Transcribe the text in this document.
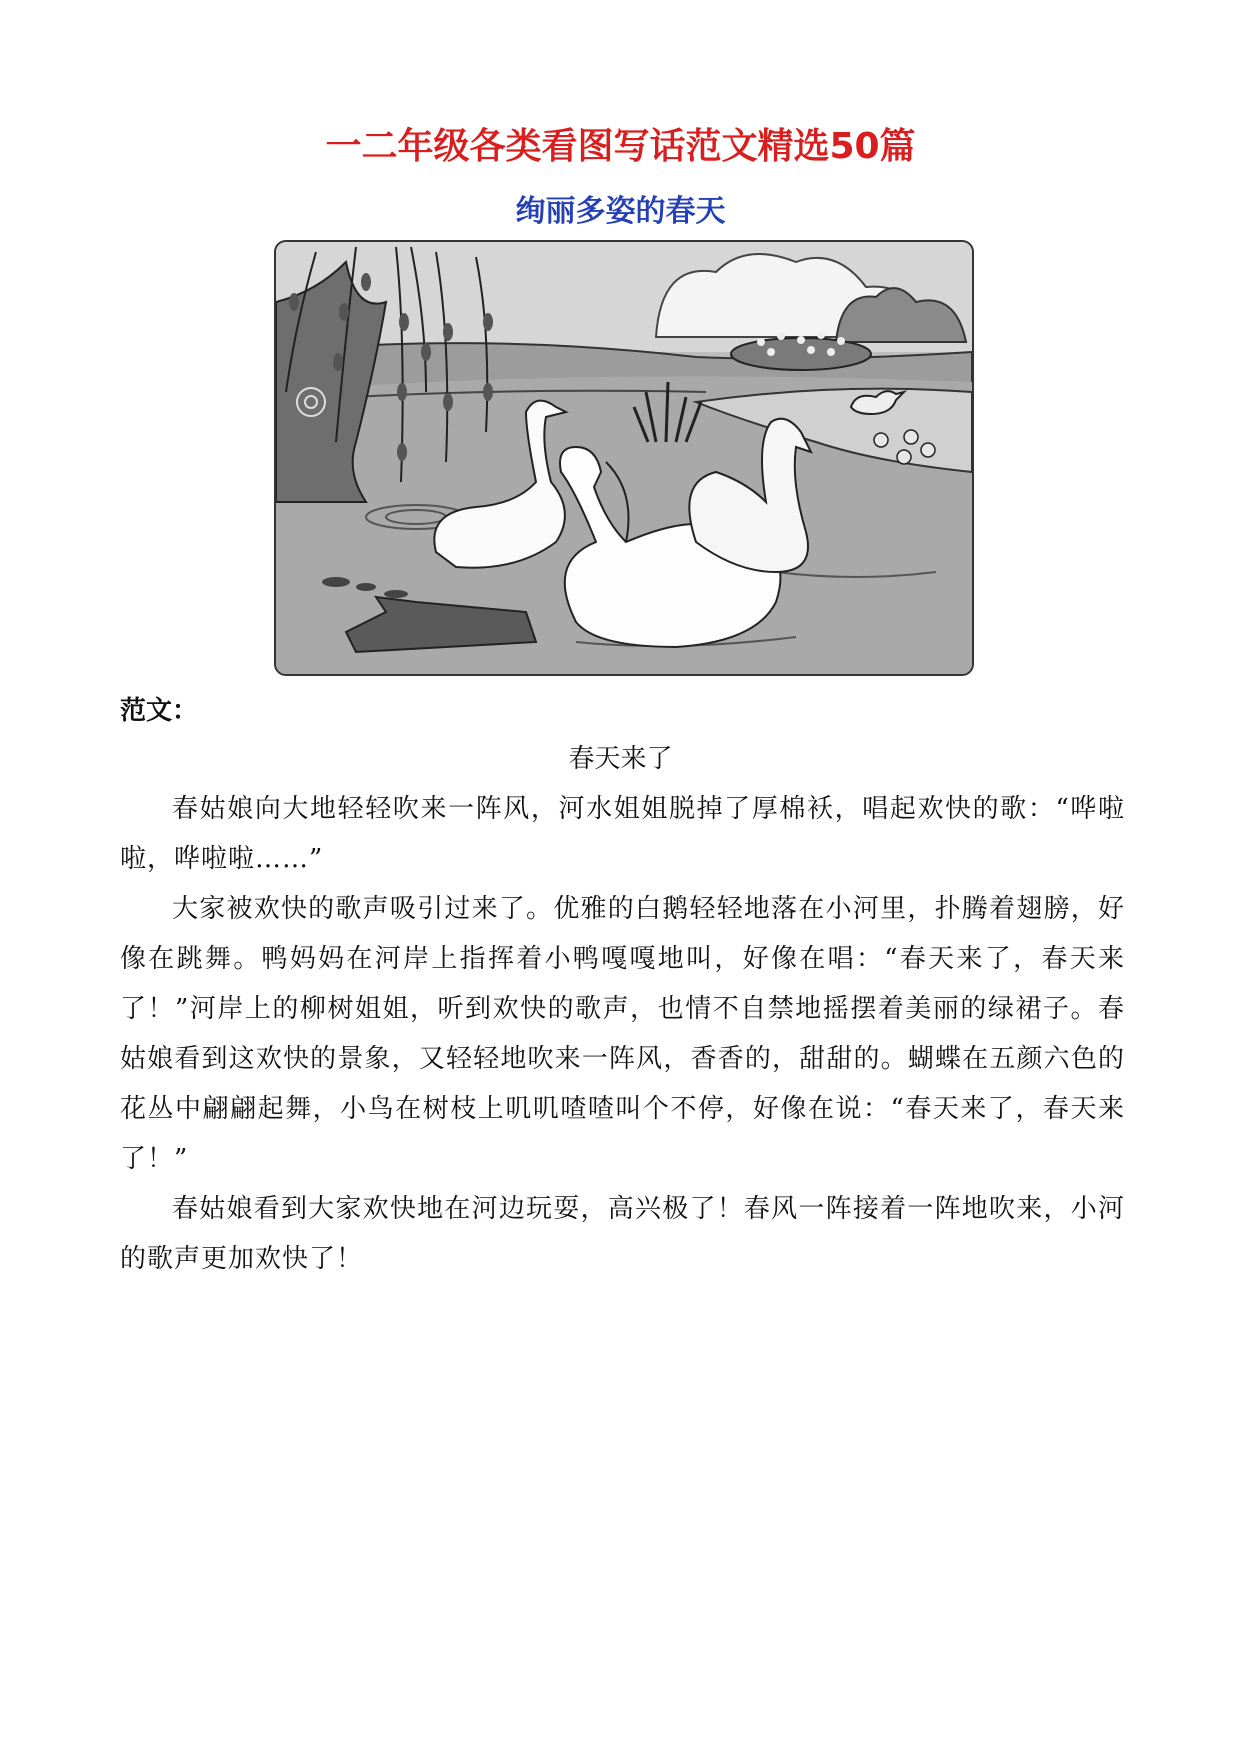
一二年级各类看图写话范文精选50篇
绚丽多姿的春天
范文：
春天来了

春姑娘向大地轻轻吹来一阵风，河水姐姐脱掉了厚棉袄，唱起欢快的歌：“哗啦啦，哗啦啦……”

大家被欢快的歌声吸引过来了。优雅的白鹅轻轻地落在小河里，扑腾着翅膀，好像在跳舞。鸭妈妈在河岸上指挥着小鸭嘎嘎地叫，好像在唱：“春天来了，春天来了！”河岸上的柳树姐姐，听到欢快的歌声，也情不自禁地摇摆着美丽的绿裙子。春姑娘看到这欢快的景象，又轻轻地吹来一阵风，香香的，甜甜的。蝴蝶在五颜六色的花丛中翩翩起舞，小鸟在树枝上叽叽喳喳叫个不停，好像在说：“春天来了，春天来了！”

春姑娘看到大家欢快地在河边玩耍，高兴极了！春风一阵接着一阵地吹来，小河的歌声更加欢快了！
